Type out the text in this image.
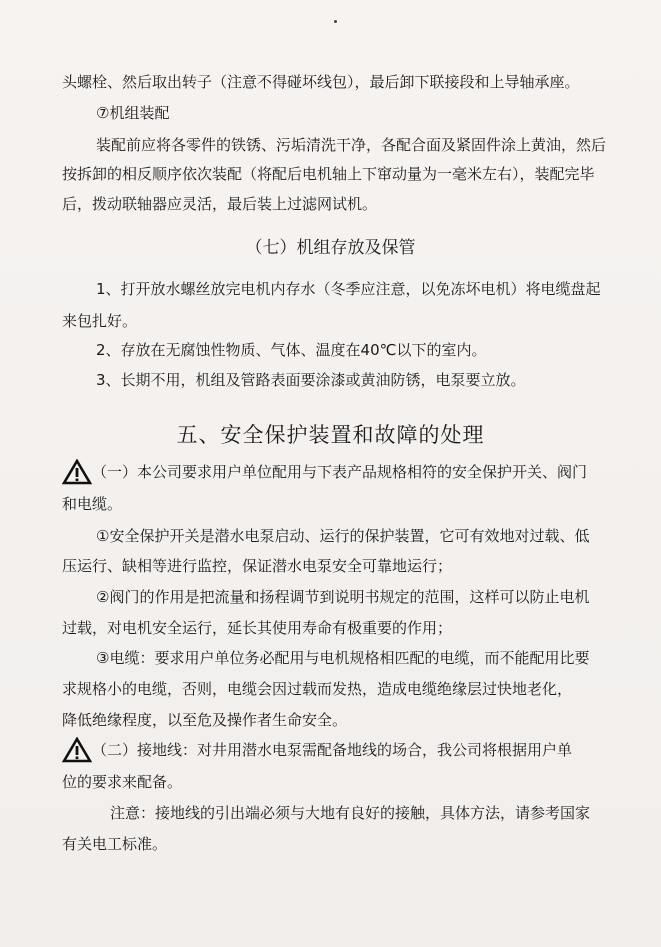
头螺栓、然后取出转子（注意不得碰坏线包），最后卸下联接段和上导轴承座。
⑦机组装配
装配前应将各零件的铁锈、污垢清洗干净，各配合面及紧固件涂上黄油，然后
按拆卸的相反顺序依次装配（将配后电机轴上下窜动量为一毫米左右），装配完毕
后，拨动联轴器应灵活，最后装上过滤网试机。
（七）机组存放及保管
1、打开放水螺丝放完电机内存水（冬季应注意，以免冻坏电机）将电缆盘起
来包扎好。
2、存放在无腐蚀性物质、气体、温度在40℃以下的室内。
3、长期不用，机组及管路表面要涂漆或黄油防锈，电泵要立放。
五、安全保护装置和故障的处理
（一）本公司要求用户单位配用与下表产品规格相符的安全保护开关、阀门
和电缆。
①安全保护开关是潜水电泵启动、运行的保护装置，它可有效地对过载、低
压运行、缺相等进行监控，保证潜水电泵安全可靠地运行；
②阀门的作用是把流量和扬程调节到说明书规定的范围，这样可以防止电机
过载，对电机安全运行，延长其使用寿命有极重要的作用；
③电缆：要求用户单位务必配用与电机规格相匹配的电缆，而不能配用比要
求规格小的电缆，否则，电缆会因过载而发热，造成电缆绝缘层过快地老化，
降低绝缘程度，以至危及操作者生命安全。
（二）接地线：对井用潜水电泵需配备地线的场合，我公司将根据用户单
位的要求来配备。
注意：接地线的引出端必须与大地有良好的接触，具体方法，请参考国家
有关电工标准。
